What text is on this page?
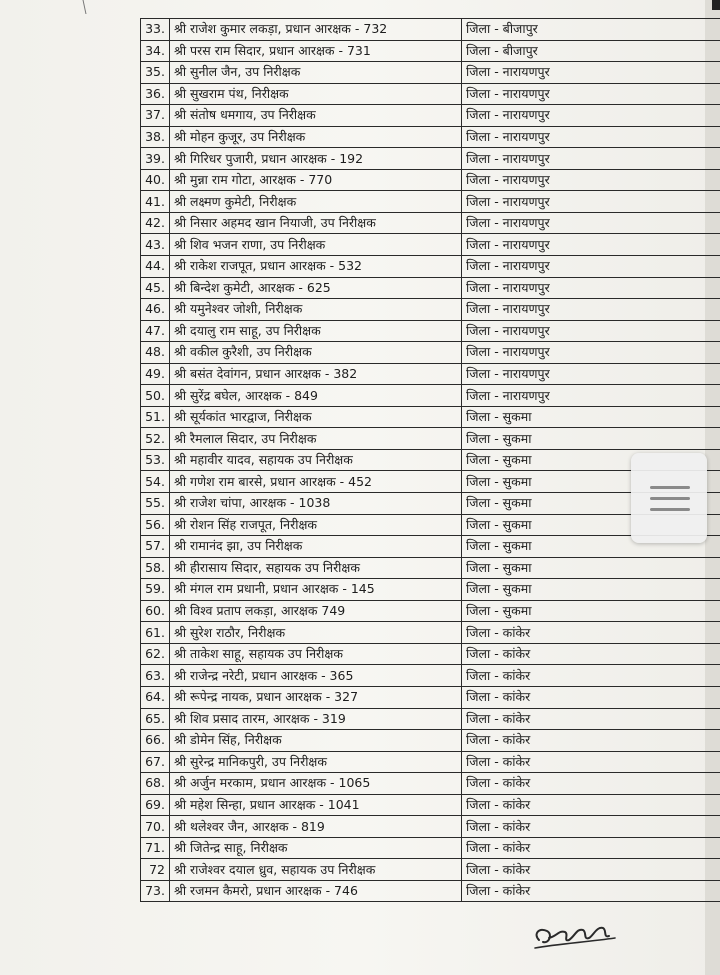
	33.	श्री राजेश कुमार लकड़ा, प्रधान आरक्षक - 732	जिला - बीजापुर
	34.	श्री परस राम सिदार, प्रधान आरक्षक - 731	जिला - बीजापुर
	35.	श्री सुनील जैन, उप निरीक्षक	जिला - नारायणपुर
	36.	श्री सुखराम पंथ, निरीक्षक	जिला - नारायणपुर
	37.	श्री संतोष धमगाय, उप निरीक्षक	जिला - नारायणपुर
	38.	श्री मोहन कुजूर, उप निरीक्षक	जिला - नारायणपुर
	39.	श्री गिरिधर पुजारी, प्रधान आरक्षक - 192	जिला - नारायणपुर
	40.	श्री मुन्ना राम गोटा, आरक्षक - 770	जिला - नारायणपुर
	41.	श्री लक्ष्मण कुमेटी, निरीक्षक	जिला - नारायणपुर
	42.	श्री निसार अहमद खान नियाजी, उप निरीक्षक	जिला - नारायणपुर
	43.	श्री शिव भजन राणा, उप निरीक्षक	जिला - नारायणपुर
	44.	श्री राकेश राजपूत, प्रधान आरक्षक - 532	जिला - नारायणपुर
	45.	श्री बिन्देश कुमेटी, आरक्षक - 625	जिला - नारायणपुर
	46.	श्री यमुनेश्वर जोशी, निरीक्षक	जिला - नारायणपुर
	47.	श्री दयालु राम साहू, उप निरीक्षक	जिला - नारायणपुर
	48.	श्री वकील कुरैशी, उप निरीक्षक	जिला - नारायणपुर
	49.	श्री बसंत देवांगन, प्रधान आरक्षक - 382	जिला - नारायणपुर
	50.	श्री सुरेंद्र बघेल, आरक्षक - 849	जिला - नारायणपुर
	51.	श्री सूर्यकांत भारद्वाज, निरीक्षक	जिला - सुकमा
	52.	श्री रैमलाल सिदार, उप निरीक्षक	जिला - सुकमा
	53.	श्री महावीर यादव, सहायक उप निरीक्षक	जिला - सुकमा
	54.	श्री गणेश राम बारसे, प्रधान आरक्षक - 452	जिला - सुकमा
	55.	श्री राजेश चांपा, आरक्षक - 1038	जिला - सुकमा
	56.	श्री रोशन सिंह राजपूत, निरीक्षक	जिला - सुकमा
	57.	श्री रामानंद झा, उप निरीक्षक	जिला - सुकमा
	58.	श्री हीरासाय सिदार, सहायक उप निरीक्षक	जिला - सुकमा
	59.	श्री मंगल राम प्रधानी, प्रधान आरक्षक - 145	जिला - सुकमा
	60.	श्री विश्व प्रताप लकड़ा, आरक्षक 749	जिला - सुकमा
	61.	श्री सुरेश राठौर, निरीक्षक	जिला - कांकेर
	62.	श्री ताकेश साहू, सहायक उप निरीक्षक	जिला - कांकेर
	63.	श्री राजेन्द्र नरेटी, प्रधान आरक्षक - 365	जिला - कांकेर
	64.	श्री रूपेन्द्र नायक, प्रधान आरक्षक - 327	जिला - कांकेर
	65.	श्री शिव प्रसाद तारम, आरक्षक - 319	जिला - कांकेर
	66.	श्री डोमेन सिंह, निरीक्षक	जिला - कांकेर
	67.	श्री सुरेन्द्र मानिकपुरी, उप निरीक्षक	जिला - कांकेर
	68.	श्री अर्जुन मरकाम, प्रधान आरक्षक - 1065	जिला - कांकेर
	69.	श्री महेश सिन्हा, प्रधान आरक्षक - 1041	जिला - कांकेर
	70.	श्री थलेश्वर जैन, आरक्षक - 819	जिला - कांकेर
	71.	श्री जितेन्द्र साहू, निरीक्षक	जिला - कांकेर
	72	श्री राजेश्वर दयाल ध्रुव, सहायक उप निरीक्षक	जिला - कांकेर
	73.	श्री रजमन कैमरो, प्रधान आरक्षक - 746	जिला - कांकेर
